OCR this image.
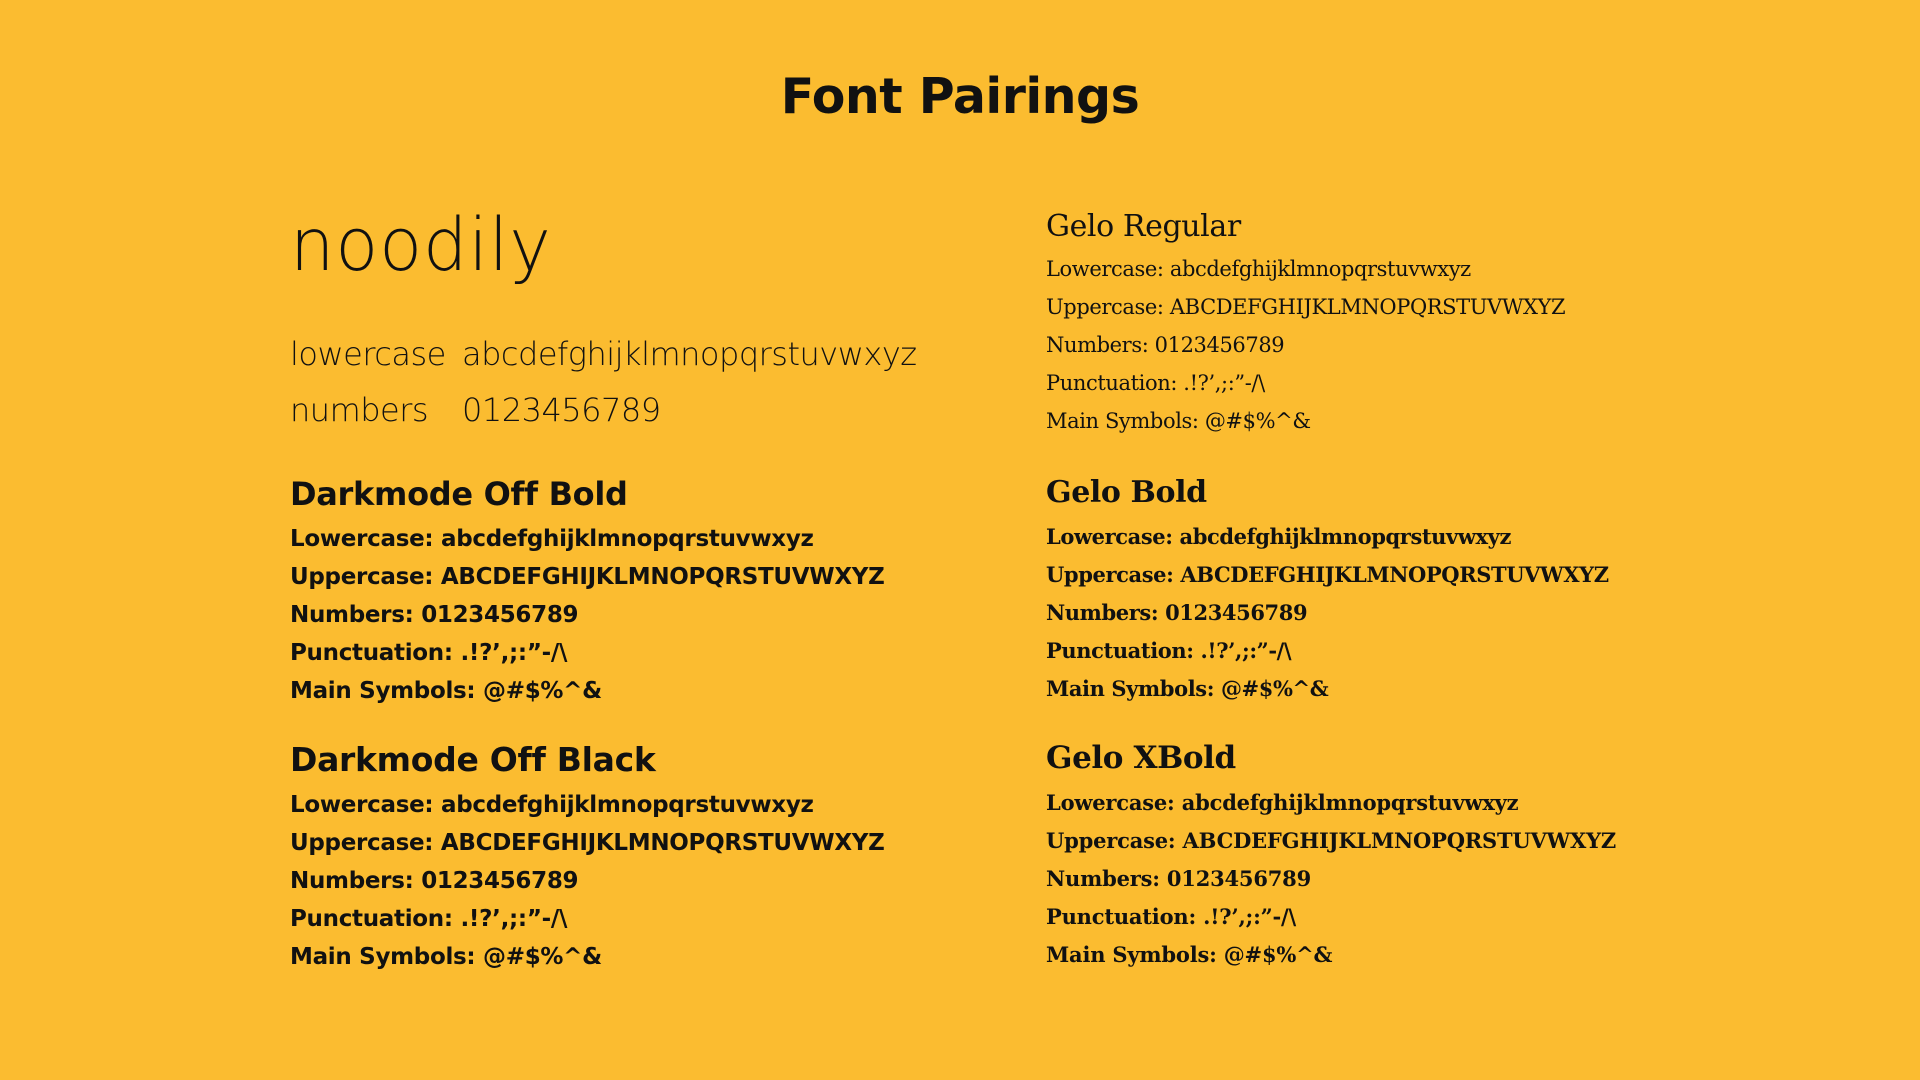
Font Pairings
noodily
lowercase abcdefghijklmnopqrstuvwxyz
numbers 0123456789
Darkmode Off Bold
Lowercase: abcdefghijklmnopqrstuvwxyz
Uppercase: ABCDEFGHIJKLMNOPQRSTUVWXYZ
Numbers: 0123456789
Punctuation: .!?’,;:”-/\
Main Symbols: @#$%^&
Darkmode Off Black
Lowercase: abcdefghijklmnopqrstuvwxyz
Uppercase: ABCDEFGHIJKLMNOPQRSTUVWXYZ
Numbers: 0123456789
Punctuation: .!?’,;:”-/\
Main Symbols: @#$%^&
Gelo Regular
Lowercase: abcdefghijklmnopqrstuvwxyz
Uppercase: ABCDEFGHIJKLMNOPQRSTUVWXYZ
Numbers: 0123456789
Punctuation: .!?’,;:”-/\
Main Symbols: @#$%^&
Gelo Bold
Lowercase: abcdefghijklmnopqrstuvwxyz
Uppercase: ABCDEFGHIJKLMNOPQRSTUVWXYZ
Numbers: 0123456789
Punctuation: .!?’,;:”-/\
Main Symbols: @#$%^&
Gelo XBold
Lowercase: abcdefghijklmnopqrstuvwxyz
Uppercase: ABCDEFGHIJKLMNOPQRSTUVWXYZ
Numbers: 0123456789
Punctuation: .!?’,;:”-/\
Main Symbols: @#$%^&
